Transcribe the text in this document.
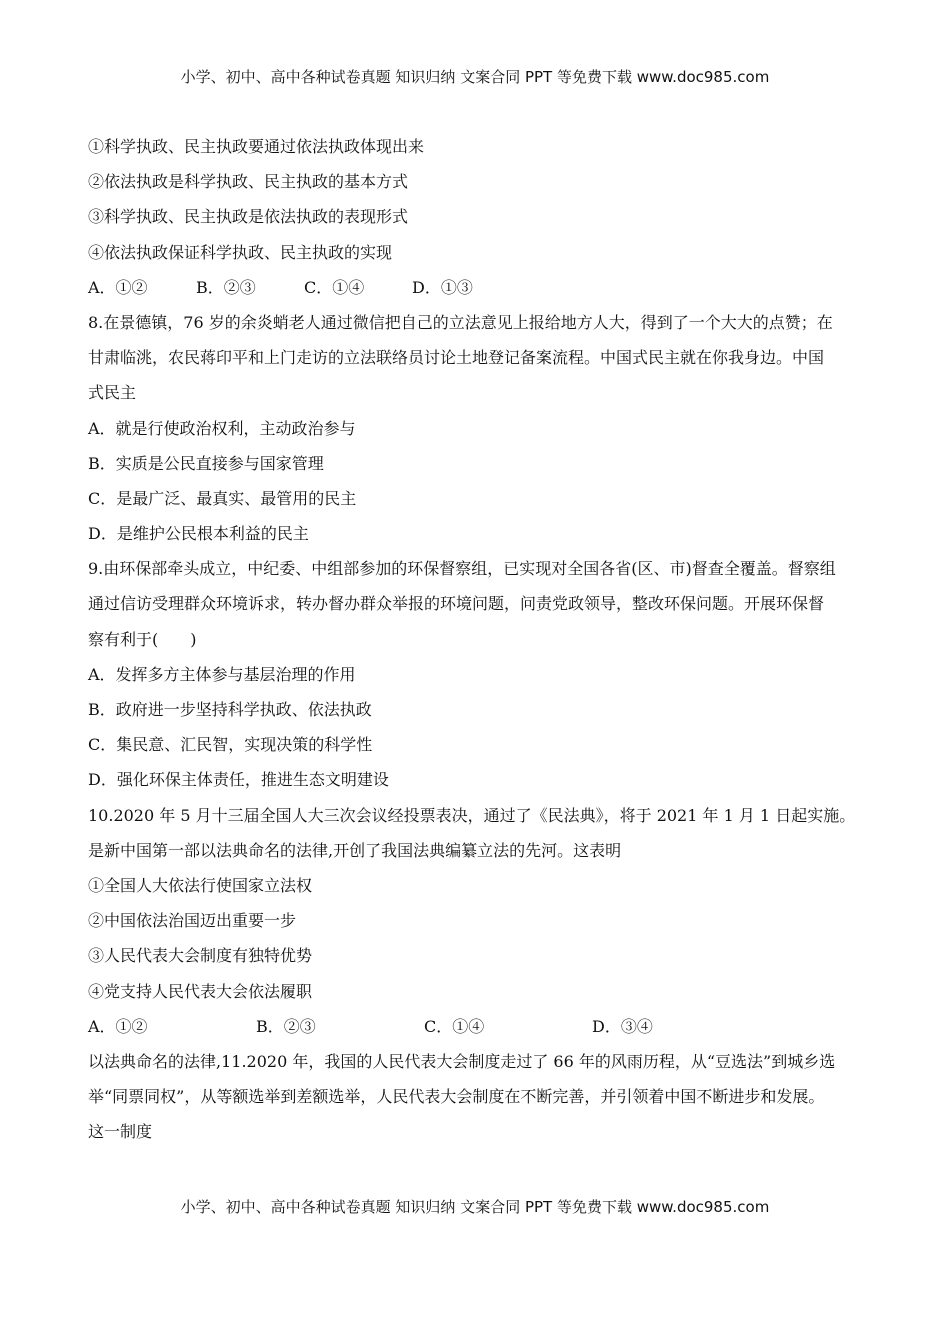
小学、初中、高中各种试卷真题 知识归纳 文案合同 PPT 等免费下载 www.doc985.com
①科学执政、民主执政要通过依法执政体现出来
②依法执政是科学执政、民主执政的基本方式
③科学执政、民主执政是依法执政的表现形式
④依法执政保证科学执政、民主执政的实现
A．①②	B．②③	C．①④	D．①③
8.在景德镇，76 岁的余炎蛸老人通过微信把自己的立法意见上报给地方人大，得到了一个大大的点赞；在
甘肃临洮，农民蒋印平和上门走访的立法联络员讨论土地登记备案流程。中国式民主就在你我身边。中国
式民主
A．就是行使政治权利，主动政治参与
B．实质是公民直接参与国家管理
C．是最广泛、最真实、最管用的民主
D．是维护公民根本利益的民主
9.由环保部牵头成立，中纪委、中组部参加的环保督察组，已实现对全国各省(区、市)督查全覆盖。督察组
通过信访受理群众环境诉求，转办督办群众举报的环境问题，问责党政领导，整改环保问题。开展环保督
察有利于(　　)
A．发挥多方主体参与基层治理的作用
B．政府进一步坚持科学执政、依法执政
C．集民意、汇民智，实现决策的科学性
D．强化环保主体责任，推进生态文明建设
10.2020 年 5 月十三届全国人大三次会议经投票表决，通过了《民法典》，将于 2021 年 1 月 1 日起实施。
是新中国第一部以法典命名的法律,开创了我国法典编纂立法的先河。这表明
①全国人大依法行使国家立法权
②中国依法治国迈出重要一步
③人民代表大会制度有独特优势
④党支持人民代表大会依法履职
A．①②	B．②③	C．①④	D．③④
以法典命名的法律,11.2020 年，我国的人民代表大会制度走过了 66 年的风雨历程，从“豆选法”到城乡选
举“同票同权”，从等额选举到差额选举，人民代表大会制度在不断完善，并引领着中国不断进步和发展。
这一制度
小学、初中、高中各种试卷真题 知识归纳 文案合同 PPT 等免费下载 www.doc985.com
